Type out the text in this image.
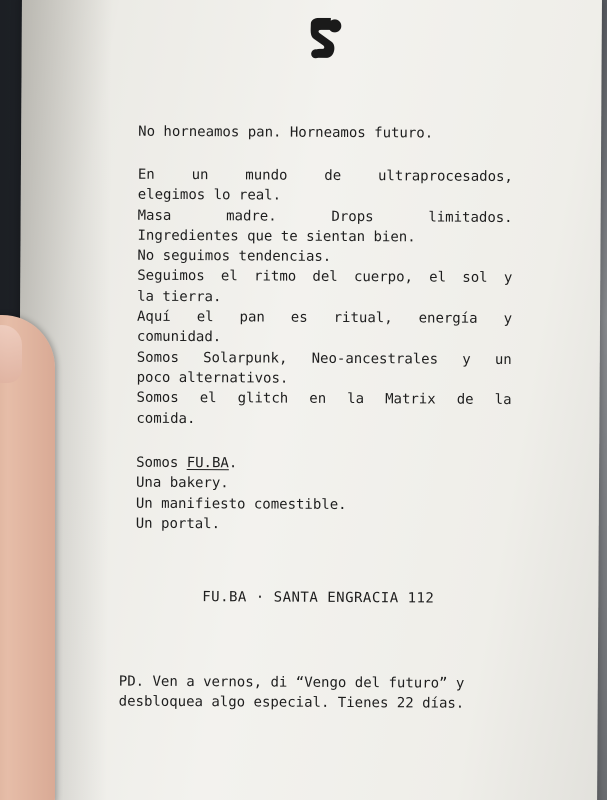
No horneamos pan. Horneamos futuro.
En un mundo de ultraprocesados,
elegimos lo real.
Masa madre. Drops limitados.
Ingredientes que te sientan bien.
No seguimos tendencias.
Seguimos el ritmo del cuerpo, el sol y
la tierra.
Aquí el pan es ritual, energía y
comunidad.
Somos Solarpunk, Neo-ancestrales y un
poco alternativos.
Somos el glitch en la Matrix de la
comida.
Somos FU.BA.
Una bakery.
Un manifiesto comestible.
Un portal.
FU.BA · SANTA ENGRACIA 112
PD. Ven a vernos, di “Vengo del futuro” y
desbloquea algo especial. Tienes 22 días.
